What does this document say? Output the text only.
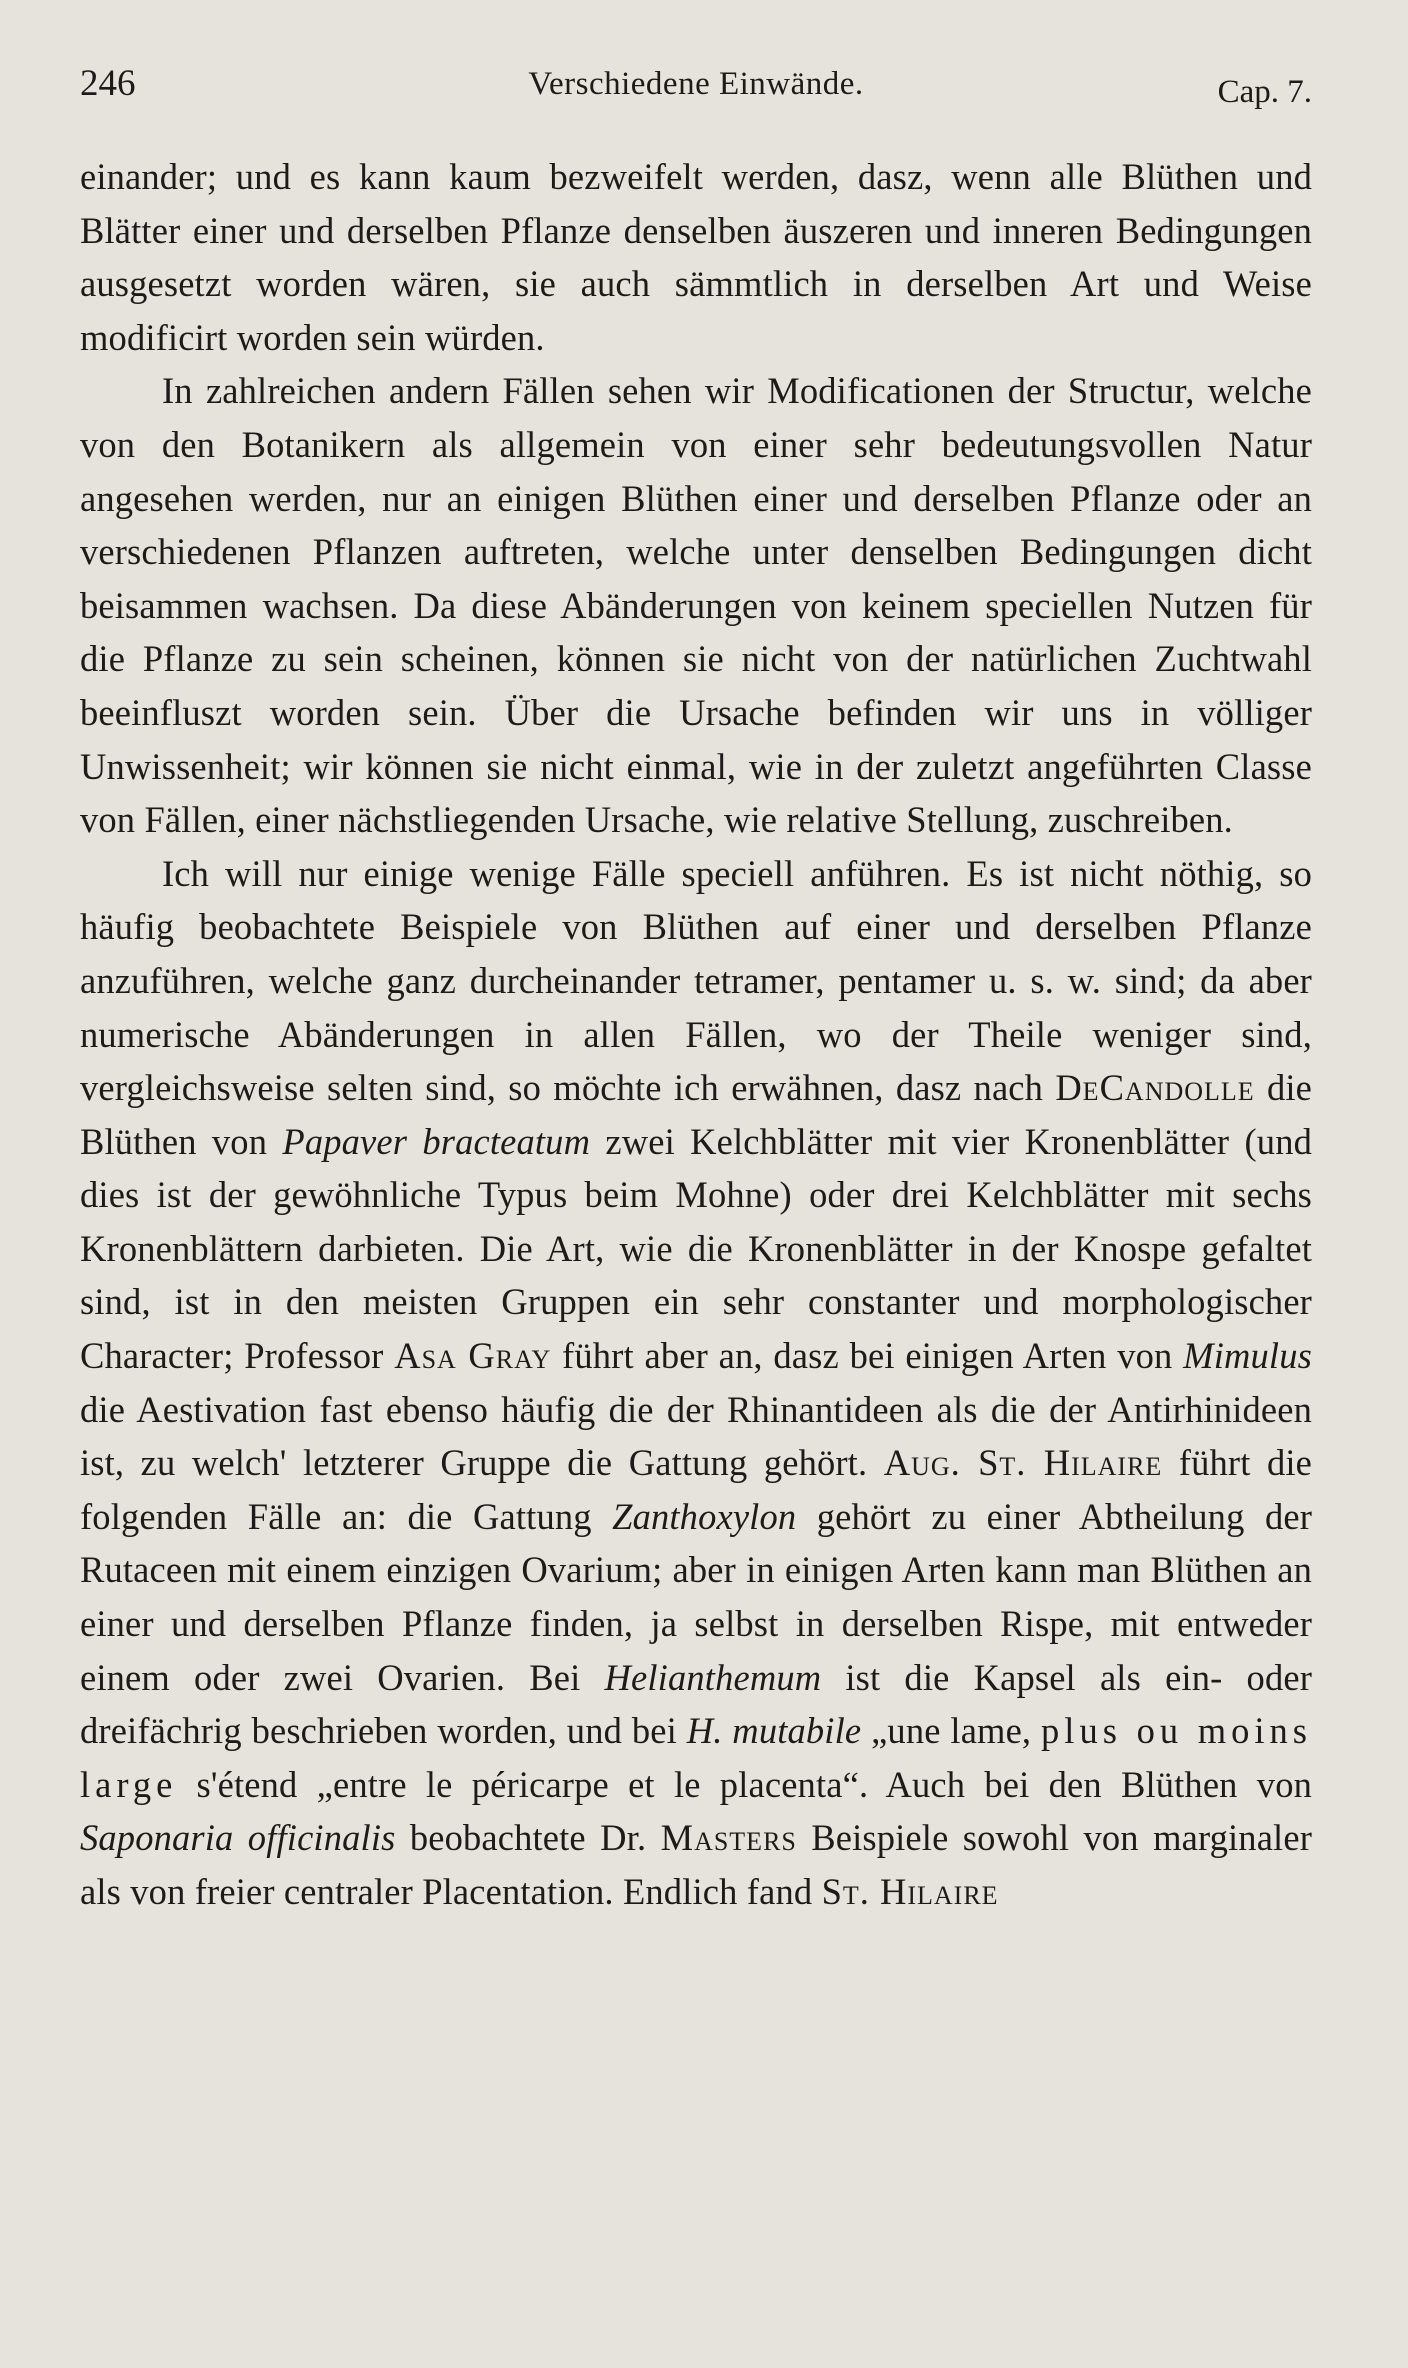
246	Verschiedene Einwände.	Cap. 7.

einander; und es kann kaum bezweifelt werden, dasz, wenn alle Blüthen und Blätter einer und derselben Pflanze denselben äuszeren und inneren Bedingungen ausgesetzt worden wären, sie auch sämmtlich in derselben Art und Weise modificirt worden sein würden.

In zahlreichen andern Fällen sehen wir Modificationen der Structur, welche von den Botanikern als allgemein von einer sehr bedeutungsvollen Natur angesehen werden, nur an einigen Blüthen einer und derselben Pflanze oder an verschiedenen Pflanzen auftreten, welche unter denselben Bedingungen dicht beisammen wachsen. Da diese Abänderungen von keinem speciellen Nutzen für die Pflanze zu sein scheinen, können sie nicht von der natürlichen Zuchtwahl beeinfluszt worden sein. Über die Ursache befinden wir uns in völliger Unwissenheit; wir können sie nicht einmal, wie in der zuletzt angeführten Classe von Fällen, einer nächstliegenden Ursache, wie relative Stellung, zuschreiben.

Ich will nur einige wenige Fälle speciell anführen. Es ist nicht nöthig, so häufig beobachtete Beispiele von Blüthen auf einer und derselben Pflanze anzuführen, welche ganz durcheinander tetramer, pentamer u. s. w. sind; da aber numerische Abänderungen in allen Fällen, wo der Theile weniger sind, vergleichsweise selten sind, so möchte ich erwähnen, dasz nach DeCandolle die Blüthen von Papaver bracteatum zwei Kelchblätter mit vier Kronenblätter (und dies ist der gewöhnliche Typus beim Mohne) oder drei Kelchblätter mit sechs Kronenblättern darbieten. Die Art, wie die Kronenblätter in der Knospe gefaltet sind, ist in den meisten Gruppen ein sehr constanter und morphologischer Character; Professor Asa Gray führt aber an, dasz bei einigen Arten von Mimulus die Aestivation fast ebenso häufig die der Rhinantideen als die der Antirhinideen ist, zu welch' letzterer Gruppe die Gattung gehört. Aug. St. Hilaire führt die folgenden Fälle an: die Gattung Zanthoxylon gehört zu einer Abtheilung der Rutaceen mit einem einzigen Ovarium; aber in einigen Arten kann man Blüthen an einer und derselben Pflanze finden, ja selbst in derselben Rispe, mit entweder einem oder zwei Ovarien. Bei Helianthemum ist die Kapsel als ein- oder dreifächrig beschrieben worden, und bei H. mutabile „une lame, plus ou moins large s'étend „entre le péricarpe et le placenta“. Auch bei den Blüthen von Saponaria officinalis beobachtete Dr. Masters Beispiele sowohl von marginaler als von freier centraler Placentation. Endlich fand St. Hilaire
